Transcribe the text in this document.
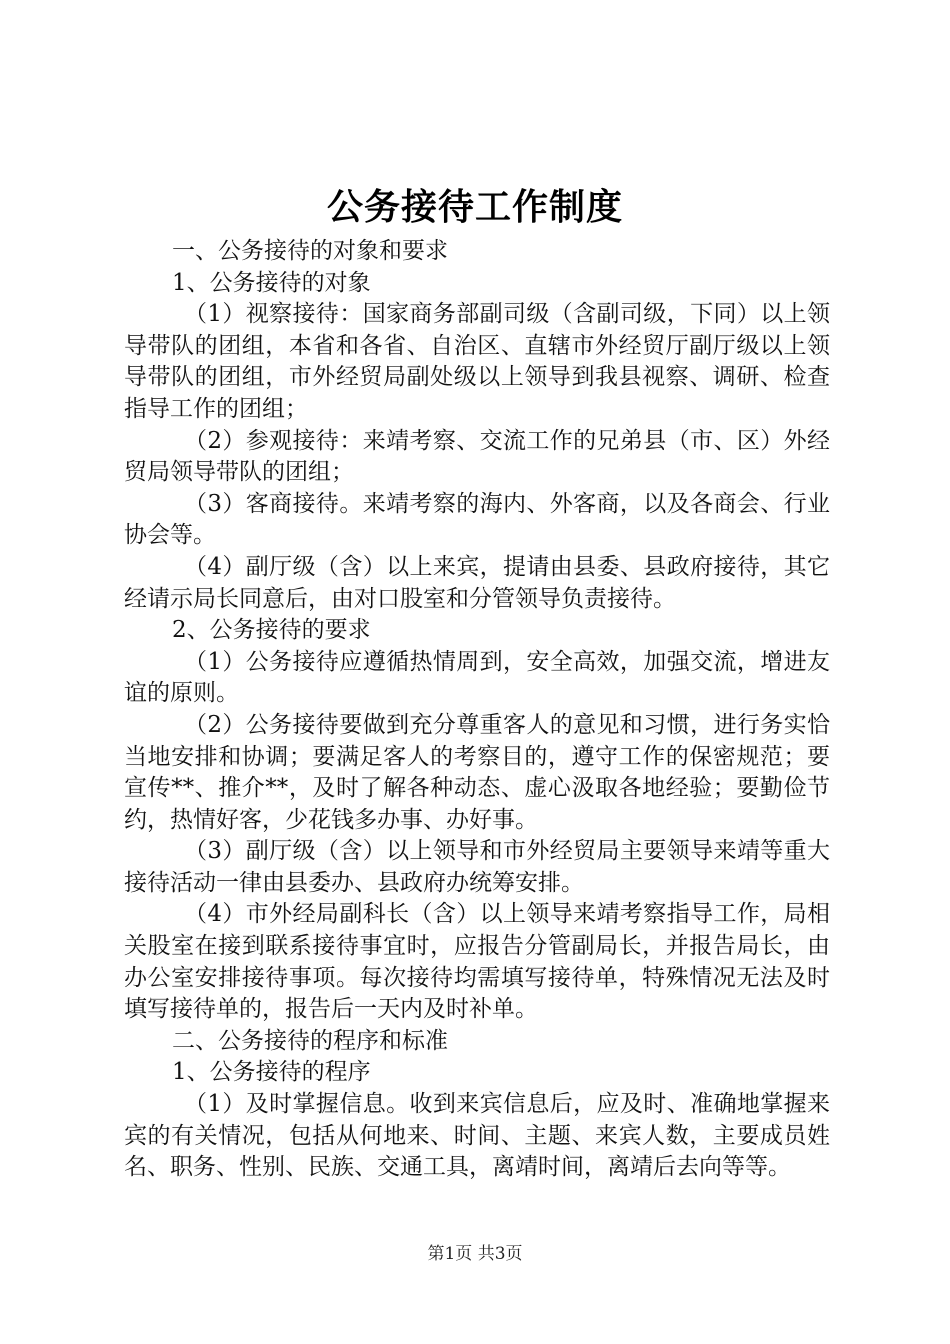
公务接待工作制度

一、公务接待的对象和要求

1、公务接待的对象

（1）视察接待：国家商务部副司级（含副司级，下同）以上领导带队的团组，本省和各省、自治区、直辖市外经贸厅副厅级以上领导带队的团组，市外经贸局副处级以上领导到我县视察、调研、检查指导工作的团组；

（2）参观接待：来靖考察、交流工作的兄弟县（市、区）外经贸局领导带队的团组；

（3）客商接待。来靖考察的海内、外客商，以及各商会、行业协会等。

（4）副厅级（含）以上来宾，提请由县委、县政府接待，其它经请示局长同意后，由对口股室和分管领导负责接待。

2、公务接待的要求

（1）公务接待应遵循热情周到，安全高效，加强交流，增进友谊的原则。

（2）公务接待要做到充分尊重客人的意见和习惯，进行务实恰当地安排和协调；要满足客人的考察目的，遵守工作的保密规范；要宣传**、推介**，及时了解各种动态、虚心汲取各地经验；要勤俭节约，热情好客，少花钱多办事、办好事。

（3）副厅级（含）以上领导和市外经贸局主要领导来靖等重大接待活动一律由县委办、县政府办统筹安排。

（4）市外经局副科长（含）以上领导来靖考察指导工作，局相关股室在接到联系接待事宜时，应报告分管副局长，并报告局长，由办公室安排接待事项。每次接待均需填写接待单，特殊情况无法及时填写接待单的，报告后一天内及时补单。

二、公务接待的程序和标准

1、公务接待的程序

（1）及时掌握信息。收到来宾信息后，应及时、准确地掌握来宾的有关情况，包括从何地来、时间、主题、来宾人数，主要成员姓名、职务、性别、民族、交通工具，离靖时间，离靖后去向等等。

第1页 共3页
